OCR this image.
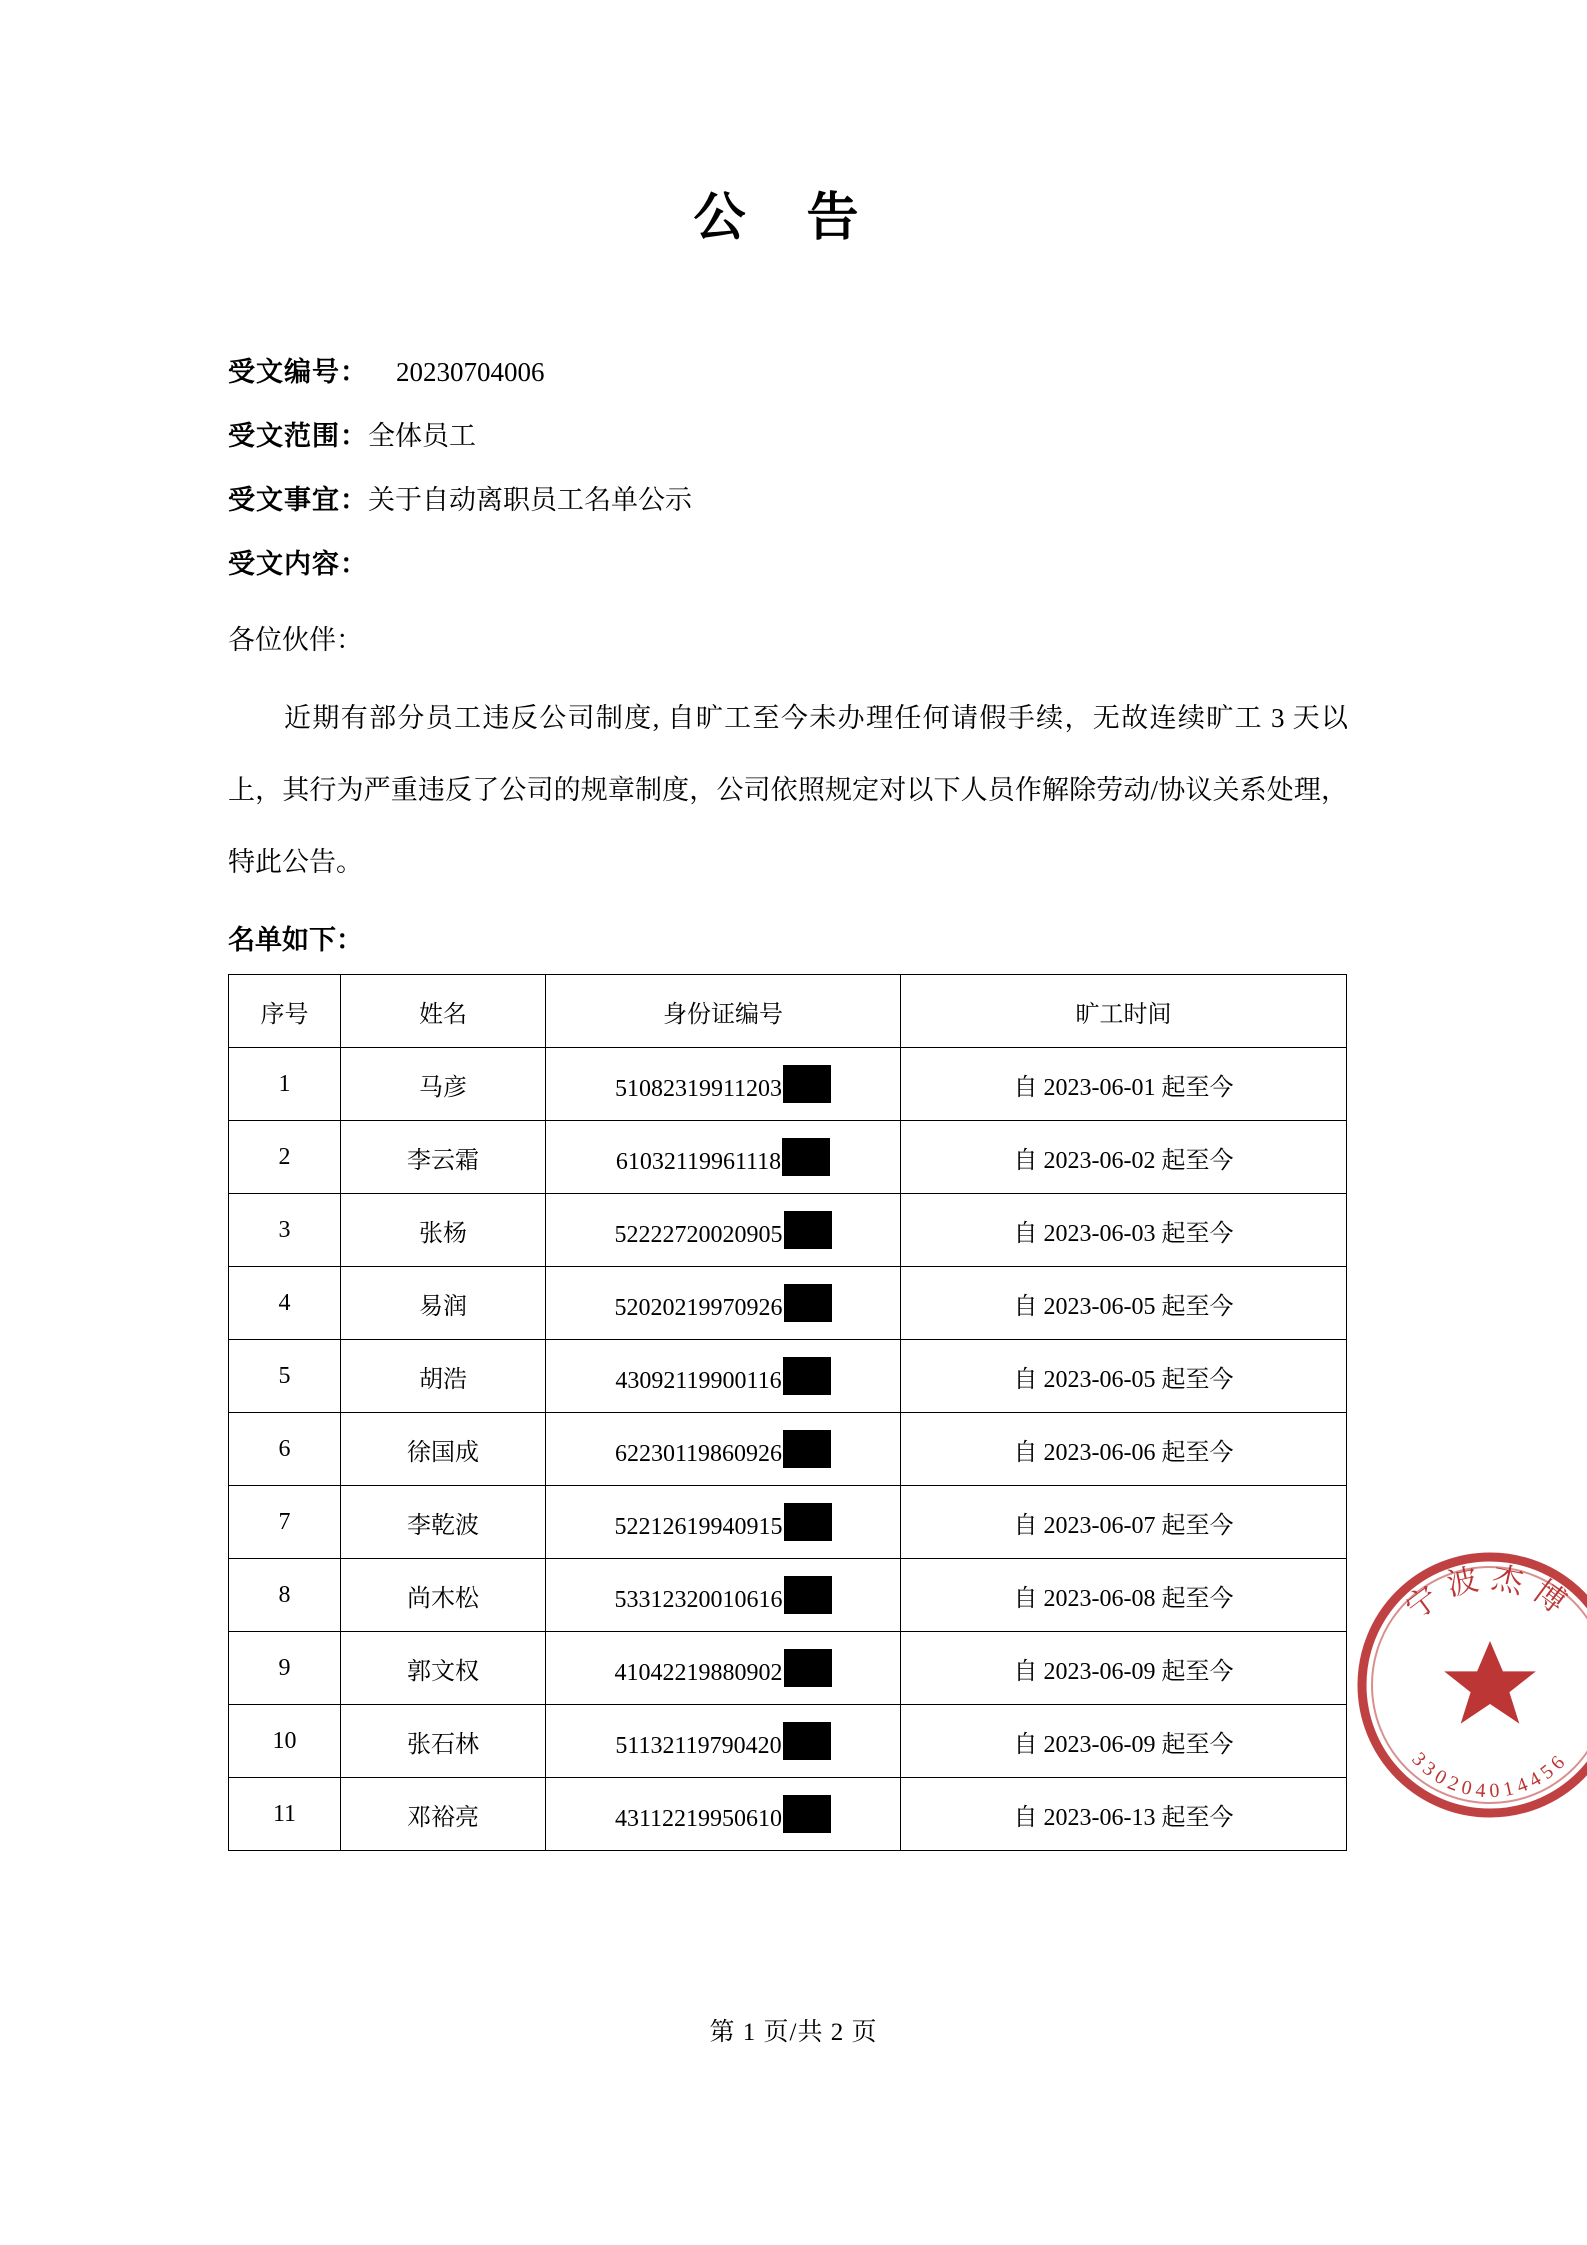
公 告
受文编号： 20230704006
受文范围：全体员工
受文事宜：关于自动离职员工名单公示
受文内容：
各位伙伴：
近期有部分员工违反公司制度, 自旷工至今未办理任何请假手续，无故连续旷工 3 天以上，其行为严重违反了公司的规章制度，公司依照规定对以下人员作解除劳动/协议关系处理，特此公告。
名单如下：
序号	姓名	身份证编号	旷工时间
1	马彦	51082319911203	自 2023-06-01 起至今
2	李云霜	61032119961118	自 2023-06-02 起至今
3	张杨	52222720020905	自 2023-06-03 起至今
4	易润	52020219970926	自 2023-06-05 起至今
5	胡浩	43092119900116	自 2023-06-05 起至今
6	徐国成	62230119860926	自 2023-06-06 起至今
7	李乾波	52212619940915	自 2023-06-07 起至今
8	尚木松	53312320010616	自 2023-06-08 起至今
9	郭文权	41042219880902	自 2023-06-09 起至今
10	张石林	51132119790420	自 2023-06-09 起至今
11	邓裕亮	43112219950610	自 2023-06-13 起至今
第 1 页/共 2 页
宁波杰博
330204014456
